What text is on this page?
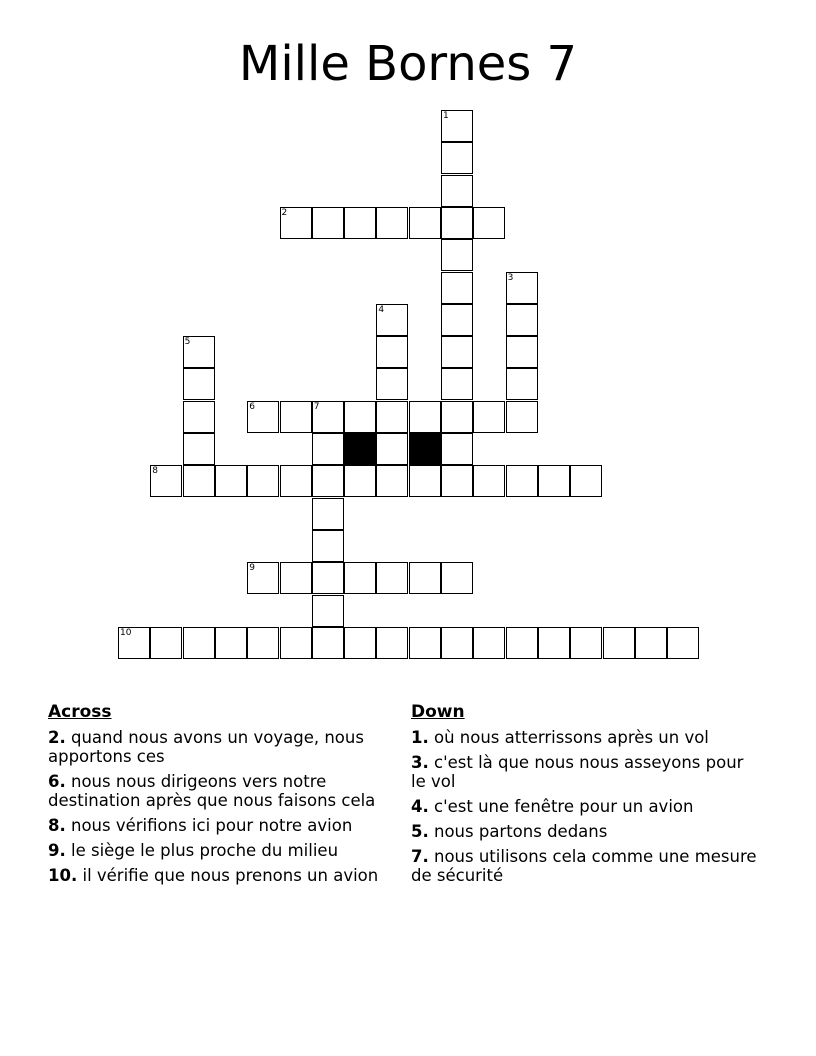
Mille Bornes 7
1
2
3
4
5
6	7
8
9
10
Across
2. quand nous avons un voyage, nous apportons ces
6. nous nous dirigeons vers notre destination après que nous faisons cela
8. nous vérifions ici pour notre avion
9. le siège le plus proche du milieu
10. il vérifie que nous prenons un avion
Down
1. où nous atterrissons après un vol
3. c'est là que nous nous asseyons pour le vol
4. c'est une fenêtre pour un avion
5. nous partons dedans
7. nous utilisons cela comme une mesure de sécurité
